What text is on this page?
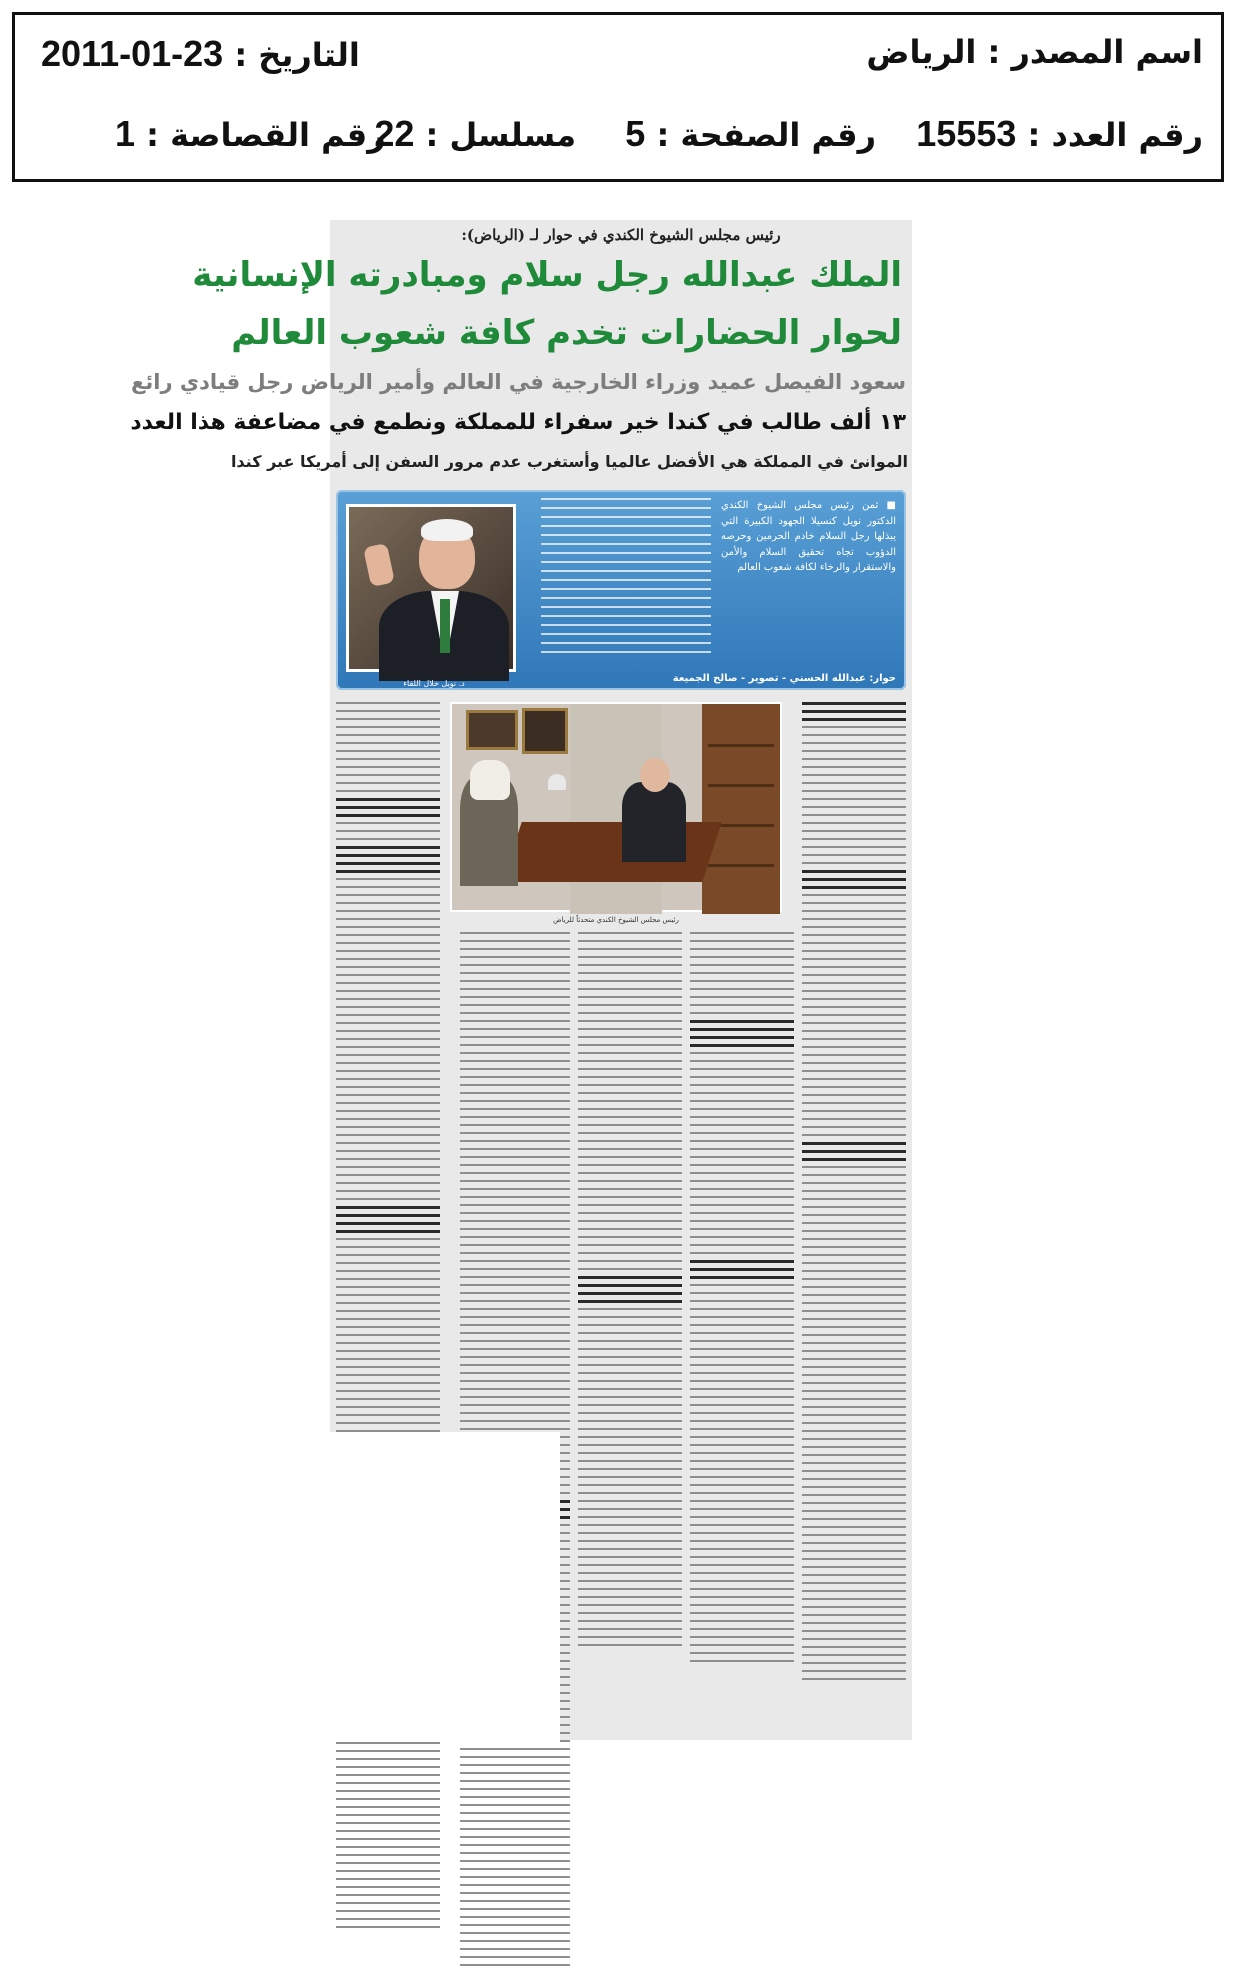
اسم المصدر : الرياض
التاريخ : 23-01-2011
رقم العدد : 15553
رقم الصفحة : 5
مسلسل : 22
رقم القصاصة : 1
رئيس مجلس الشيوخ الكندي في حوار لـ (الرياض):
الملك عبدالله رجل سلام ومبادرته الإنسانية
لحوار الحضارات تخدم كافة شعوب العالم
سعود الفيصل عميد وزراء الخارجية في العالم وأمير الرياض رجل قيادي رائع
١٣ ألف طالب في كندا خير سفراء للمملكة ونطمع في مضاعفة هذا العدد
الموانئ في المملكة هي الأفضل عالميا وأستغرب عدم مرور السفن إلى أمريكا عبر كندا
■ ثمن رئيس مجلس الشيوخ الكندي الدكتور نويل كنسيلا الجهود الكبيرة التي يبذلها رجل السلام خادم الحرمين وحرصه الدؤوب تجاه تحقيق السلام والأمن والاستقرار والرخاء لكافة شعوب العالم
حوار: عبدالله الحسني - تصوير - صالح الجميعة
د. نويل خلال اللقاء
رئيس مجلس الشيوخ الكندي متحدثاً للرياض
